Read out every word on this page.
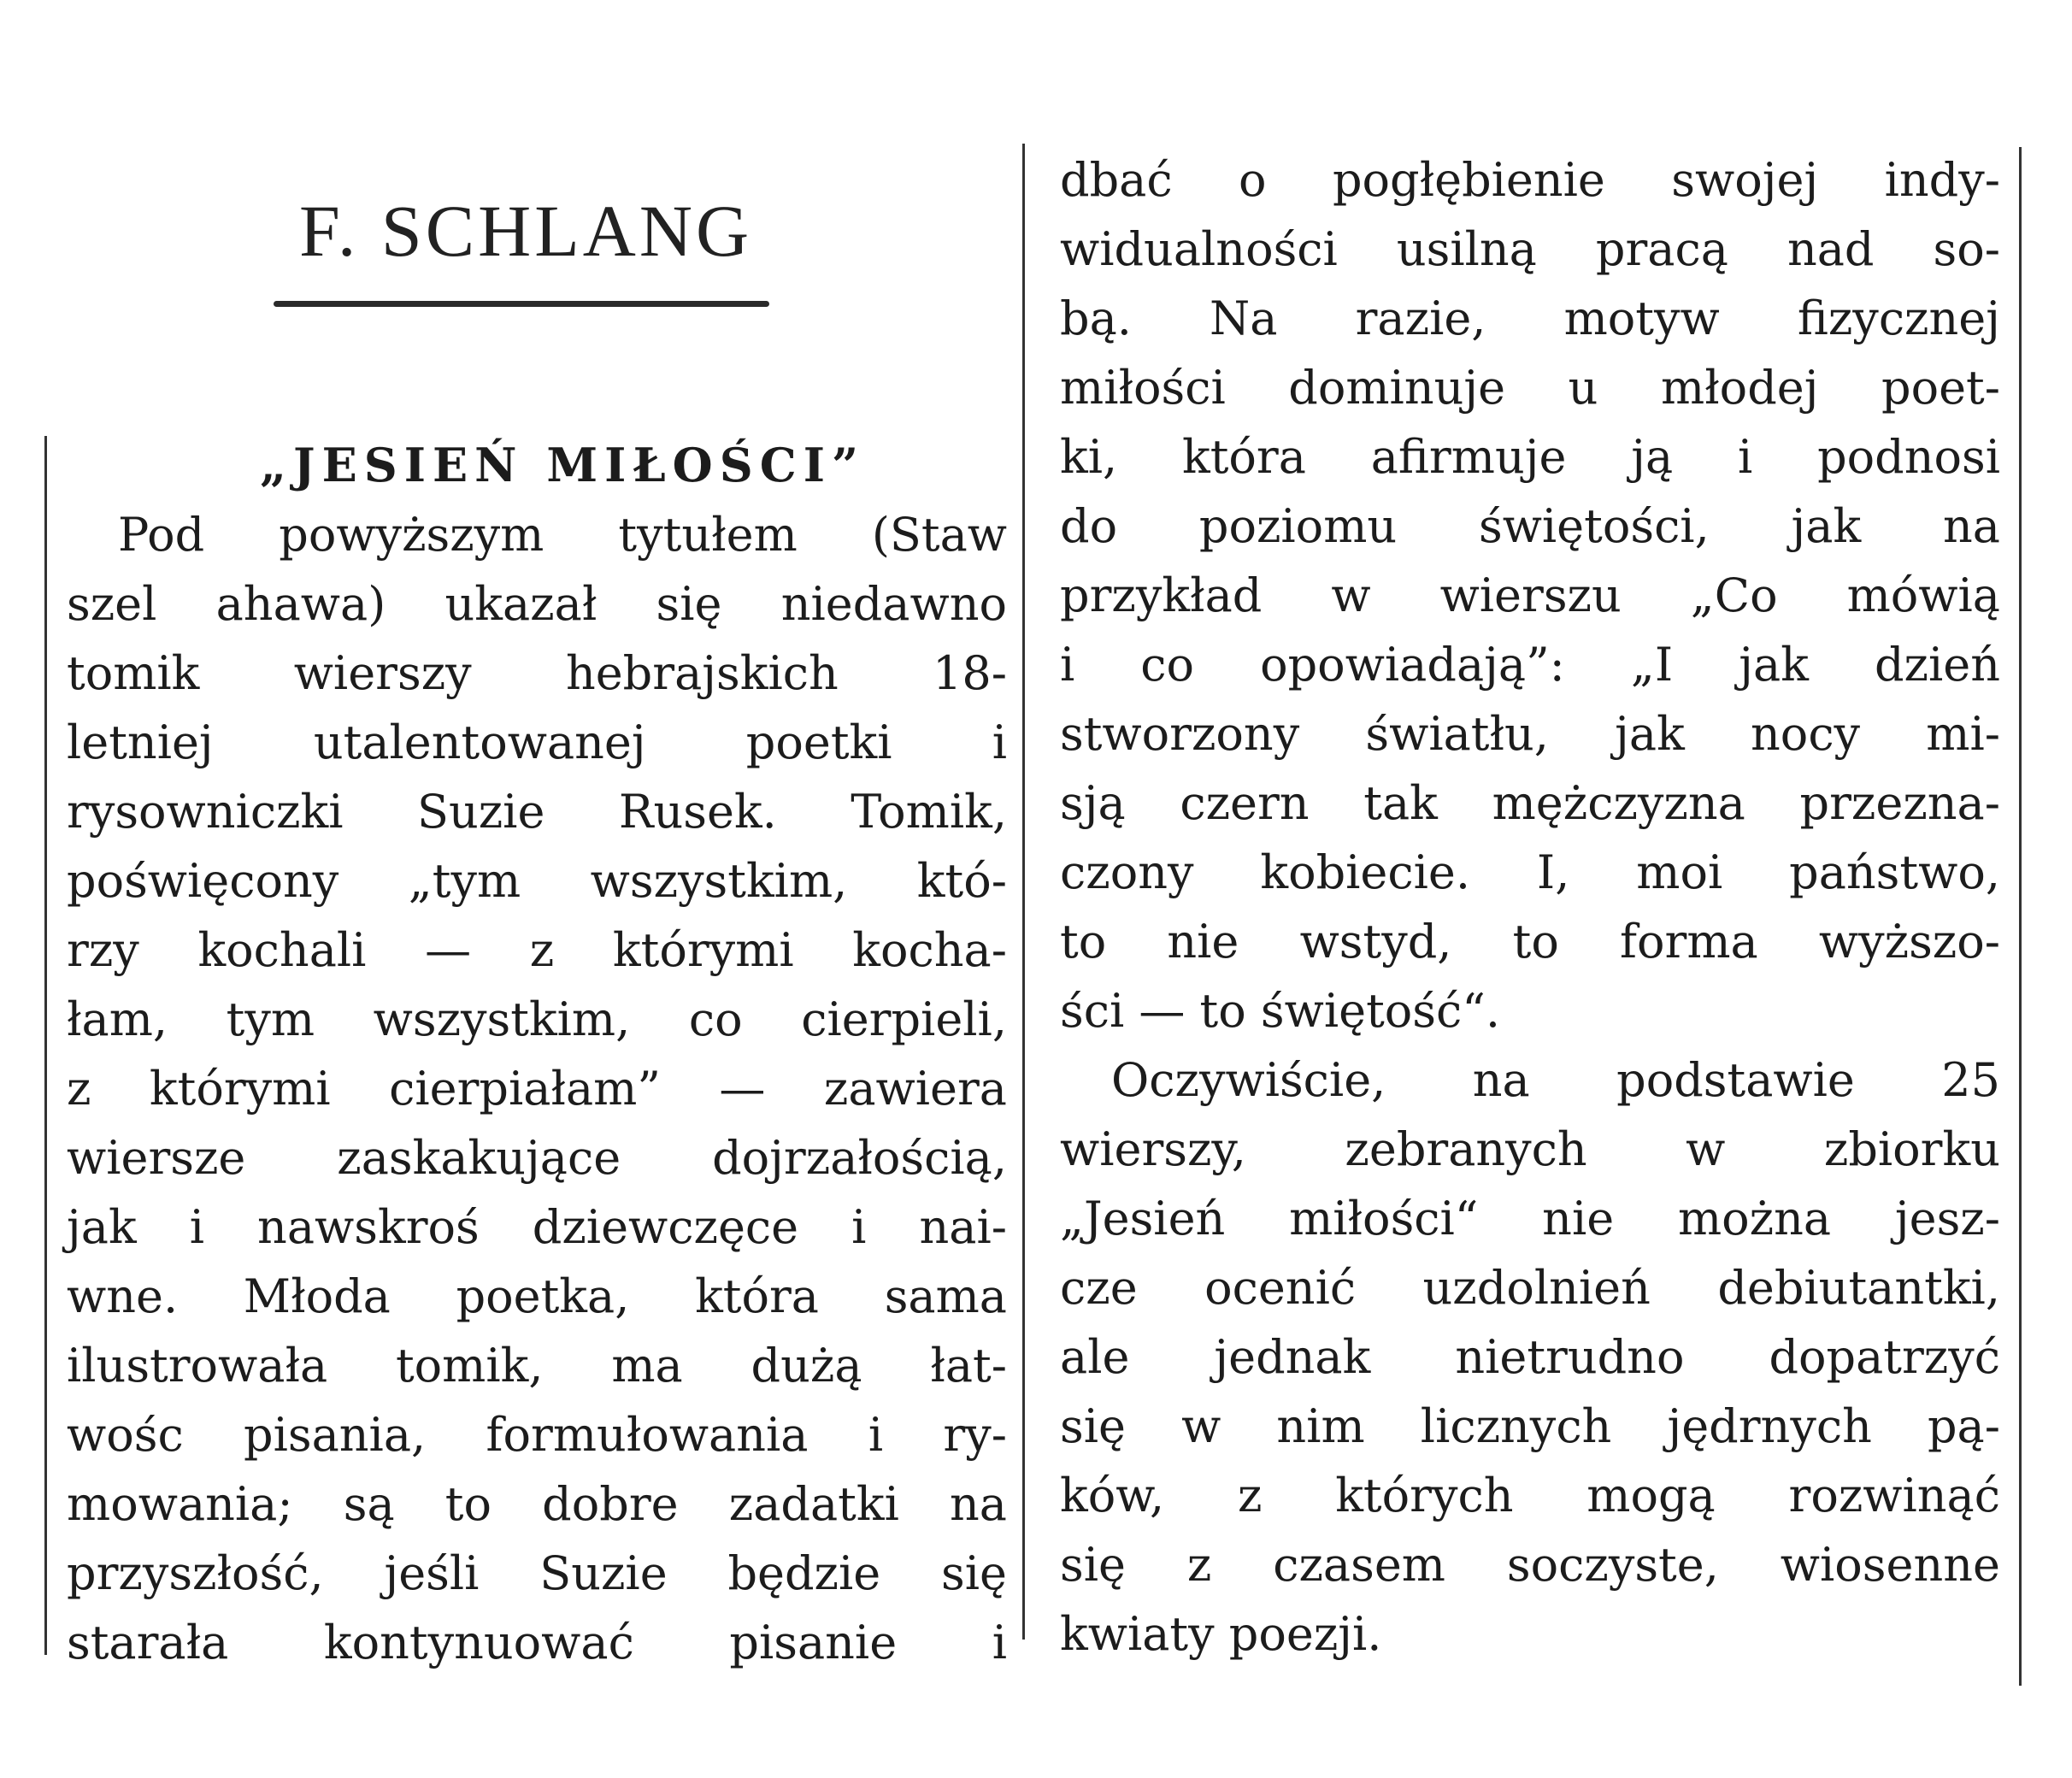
F. SCHLANG
„JESIEŃ MIŁOŚCI”
Pod powyższym tytułem (Staw
szel ahawa) ukazał się niedawno
tomik wierszy hebrajskich 18-
letniej utalentowanej poetki i
rysowniczki Suzie Rusek. Tomik,
poświęcony „tym wszystkim, któ-
rzy kochali — z którymi kocha-
łam, tym wszystkim, co cierpieli,
z którymi cierpiałam” — zawiera
wiersze zaskakujące dojrzałością,
jak i nawskroś dziewczęce i nai-
wne. Młoda poetka, która sama
ilustrowała tomik, ma dużą łat-
wośc pisania, formułowania i ry-
mowania; są to dobre zadatki na
przyszłość, jeśli Suzie będzie się
starała kontynuować pisanie i
dbać o pogłębienie swojej indy-
widualności usilną pracą nad so-
bą. Na razie, motyw fizycznej
miłości dominuje u młodej poet-
ki, która afirmuje ją i podnosi
do poziomu świętości, jak na
przykład w wierszu „Co mówią
i co opowiadają”: „I jak dzień
stworzony światłu, jak nocy mi-
sją czern tak mężczyzna przezna-
czony kobiecie. I, moi państwo,
to nie wstyd, to forma wyższo-
ści — to świętość“.
Oczywiście, na podstawie 25
wierszy, zebranych w zbiorku
„Jesień miłości“ nie można jesz-
cze ocenić uzdolnień debiutantki,
ale jednak nietrudno dopatrzyć
się w nim licznych jędrnych pą-
ków, z których mogą rozwinąć
się z czasem soczyste, wiosenne
kwiaty poezji.
